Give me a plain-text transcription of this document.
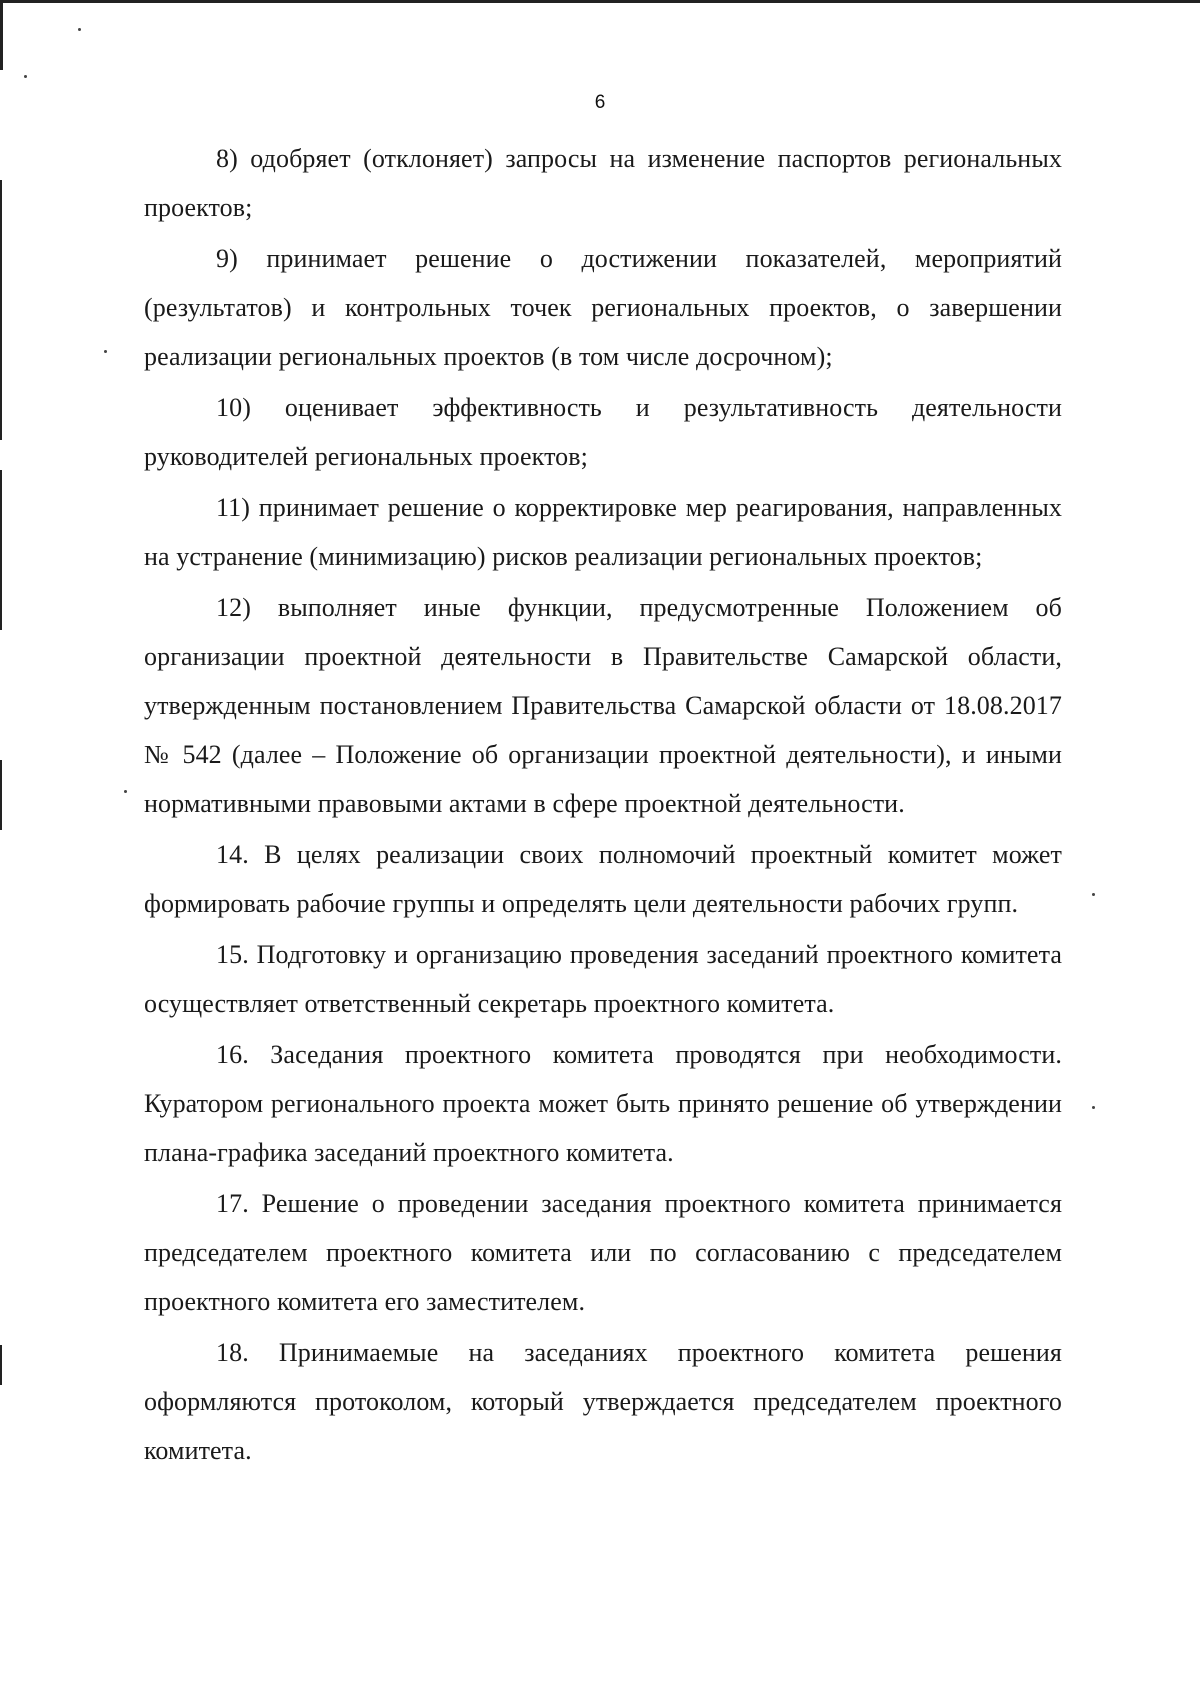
6

8) одобряет (отклоняет) запросы на изменение паспортов региональных проектов;

9) принимает решение о достижении показателей, мероприятий (результатов) и контрольных точек региональных проектов, о завершении реализации региональных проектов (в том числе досрочном);

10) оценивает эффективность и результативность деятельности руководителей региональных проектов;

11) принимает решение о корректировке мер реагирования, направленных на устранение (минимизацию) рисков реализации региональных проектов;

12) выполняет иные функции, предусмотренные Положением об организации проектной деятельности в Правительстве Самарской области, утвержденным постановлением Правительства Самарской области от 18.08.2017 № 542 (далее – Положение об организации проектной деятельности), и иными нормативными правовыми актами в сфере проектной деятельности.

14. В целях реализации своих полномочий проектный комитет может формировать рабочие группы и определять цели деятельности рабочих групп.

15. Подготовку и организацию проведения заседаний проектного комитета осуществляет ответственный секретарь проектного комитета.

16. Заседания проектного комитета проводятся при необходимости. Куратором регионального проекта может быть принято решение об утверждении плана-графика заседаний проектного комитета.

17. Решение о проведении заседания проектного комитета принимается председателем проектного комитета или по согласованию с председателем проектного комитета его заместителем.

18. Принимаемые на заседаниях проектного комитета решения оформляются протоколом, который утверждается председателем проектного комитета.
